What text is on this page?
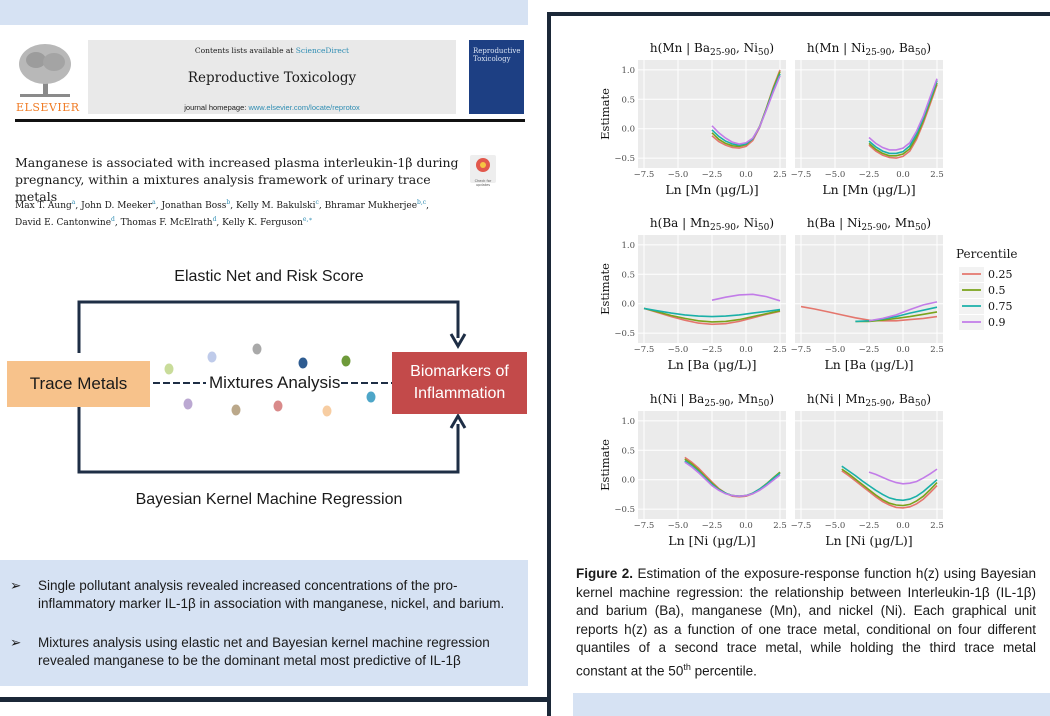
ELSEVIER
Contents lists available at ScienceDirect
Reproductive Toxicology
journal homepage: www.elsevier.com/locate/reprotox
Reproductive Toxicology
Manganese is associated with increased plasma interleukin-1β during pregnancy, within a mixtures analysis framework of urinary trace metals
Check for updates
Max T. Aung$^a$, John D. Meeker$^a$, Jonathan Boss$^b$, Kelly M. Bakulski$^c$, Bhramar Mukherjee$^{b,c}$,
David E. Cantonwine$^d$, Thomas F. McElrath$^d$, Kelly K. Ferguson$^{e,∗}$
Elastic Net and Risk Score
Trace Metals	Mixtures Analysis
Biomarkers of Inflammation
Bayesian Kernel Machine Regression
➢ Single pollutant analysis revealed increased concentrations of the pro-inflammatory marker IL-1β in association with manganese, nickel, and barium.
➢ Mixtures analysis using elastic net and Bayesian kernel machine regression revealed manganese to be the dominant metal most predictive of IL-1β
−7.5 −5.0 −2.5 0.0 2.5
1.0
0.5
0.0
−0.5
h(Mn | $Ba_{25-90}$, $Ni_{50}$)
Ln [Mn (µg/L)]
−7.5 −5.0 −2.5 0.0 2.5
h(Mn | $Ni_{25-90}$, $Ba_{50}$)
Ln [Mn (µg/L)]
Estimate
−7.5 −5.0 −2.5 0.0 2.5
1.0
0.5
0.0
−0.5
h(Ba | $Mn_{25-90}$, $Ni_{50}$)
Ln [Ba (µg/L)]
−7.5 −5.0 −2.5 0.0 2.5
h(Ba | $Ni_{25-90}$, $Mn_{50}$)
Ln [Ba (µg/L)]
Estimate
−7.5 −5.0 −2.5 0.0 2.5
1.0
0.5
0.0
−0.5
h(Ni | $Ba_{25-90}$, $Mn_{50}$)
Ln [Ni (µg/L)]
−7.5 −5.0 −2.5 0.0 2.5
h(Ni | $Mn_{25-90}$, $Ba_{50}$)
Ln [Ni (µg/L)]
Estimate
0.25
0.5
0.75
0.9
Percentile
Figure 2. Estimation of the exposure-response function h(z) using Bayesian kernel machine regression: the relationship between Interleukin-1β (IL-1β) and barium (Ba), manganese (Mn), and nickel (Ni). Each graphical unit reports h(z) as a function of one trace metal, conditional on four different quantiles of a second trace metal, while holding the third trace metal constant at the 50th percentile.
